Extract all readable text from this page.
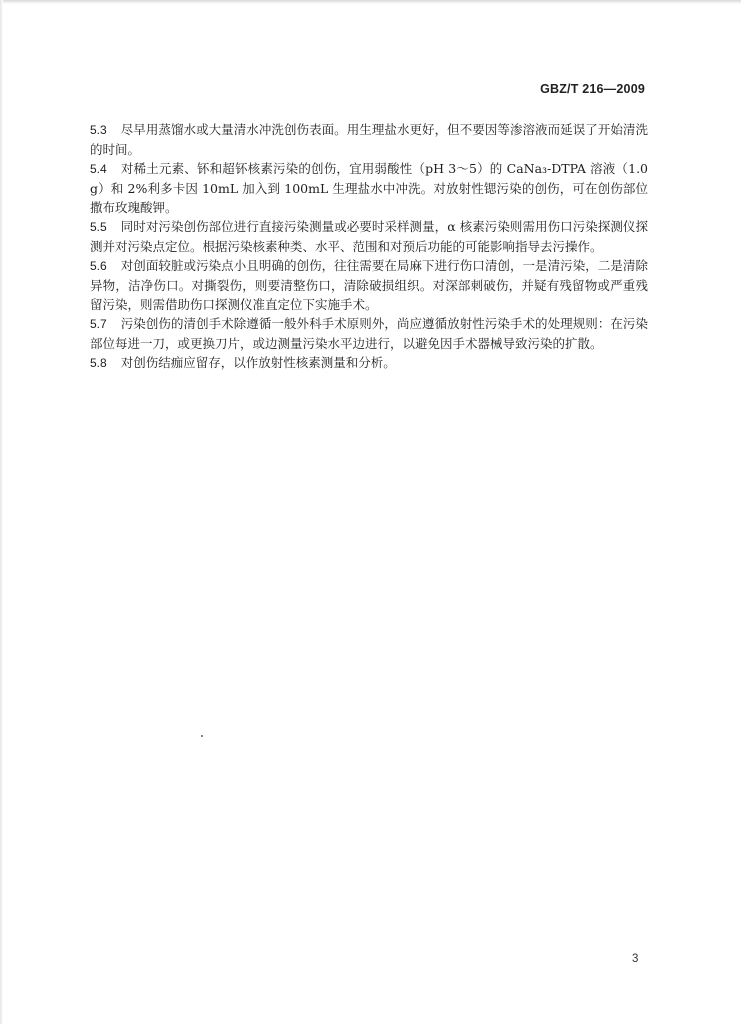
GBZ/T 216—2009

5.3 尽早用蒸馏水或大量清水冲洗创伤表面。用生理盐水更好，但不要因等渗溶液而延误了开始清洗的时间。

5.4 对稀土元素、钚和超钚核素污染的创伤，宜用弱酸性（pH 3～5）的 CaNa₃-DTPA 溶液（1.0g）和 2%利多卡因 10mL 加入到 100mL 生理盐水中冲洗。对放射性锶污染的创伤，可在创伤部位撒布玫瑰酸钾。

5.5 同时对污染创伤部位进行直接污染测量或必要时采样测量，α 核素污染则需用伤口污染探测仪探测并对污染点定位。根据污染核素种类、水平、范围和对预后功能的可能影响指导去污操作。

5.6 对创面较脏或污染点小且明确的创伤，往往需要在局麻下进行伤口清创，一是清污染，二是清除异物，洁净伤口。对撕裂伤，则要清整伤口，清除破损组织。对深部刺破伤，并疑有残留物或严重残留污染，则需借助伤口探测仪准直定位下实施手术。

5.7 污染创伤的清创手术除遵循一般外科手术原则外，尚应遵循放射性污染手术的处理规则：在污染部位每进一刀，或更换刀片，或边测量污染水平边进行，以避免因手术器械导致污染的扩散。

5.8 对创伤结痂应留存，以作放射性核素测量和分析。

3
